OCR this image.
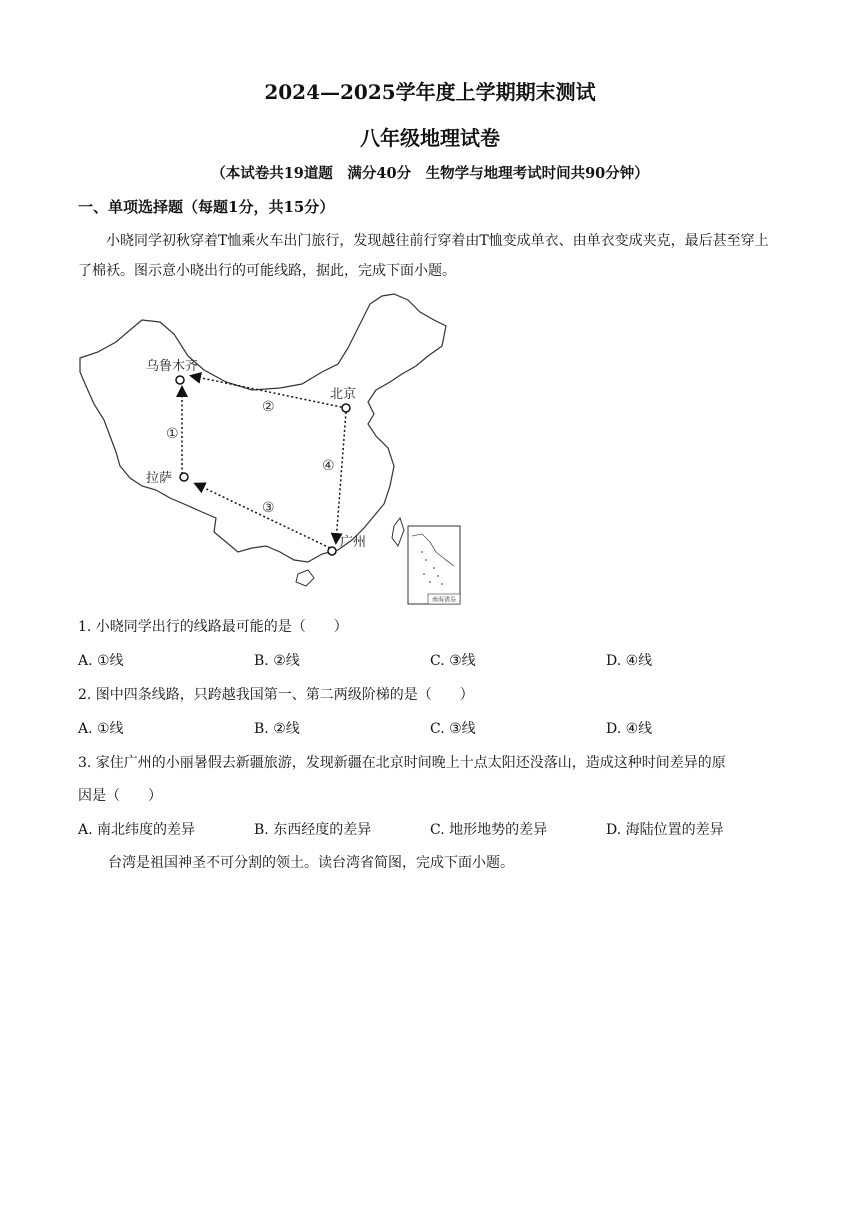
2024—2025学年度上学期期末测试
八年级地理试卷
（本试卷共19道题　满分40分　生物学与地理考试时间共90分钟）
一、单项选择题（每题1分，共15分）
小晓同学初秋穿着T恤乘火车出门旅行，发现越往前行穿着由T恤变成单衣、由单衣变成夹克，最后甚至穿上了棉袄。图示意小晓出行的可能线路，据此，完成下面小题。
乌鲁木齐
北京
拉萨
广州
①
②
③
④
南海诸岛
1. 小晓同学出行的线路最可能的是（　　）
A. ①线	B. ②线	C. ③线	D. ④线
2. 图中四条线路，只跨越我国第一、第二两级阶梯的是（　　）
A. ①线	B. ②线	C. ③线	D. ④线
3. 家住广州的小丽暑假去新疆旅游，发现新疆在北京时间晚上十点太阳还没落山，造成这种时间差异的原
因是（　　）
A. 南北纬度的差异	B. 东西经度的差异	C. 地形地势的差异	D. 海陆位置的差异
台湾是祖国神圣不可分割的领土。读台湾省简图，完成下面小题。
